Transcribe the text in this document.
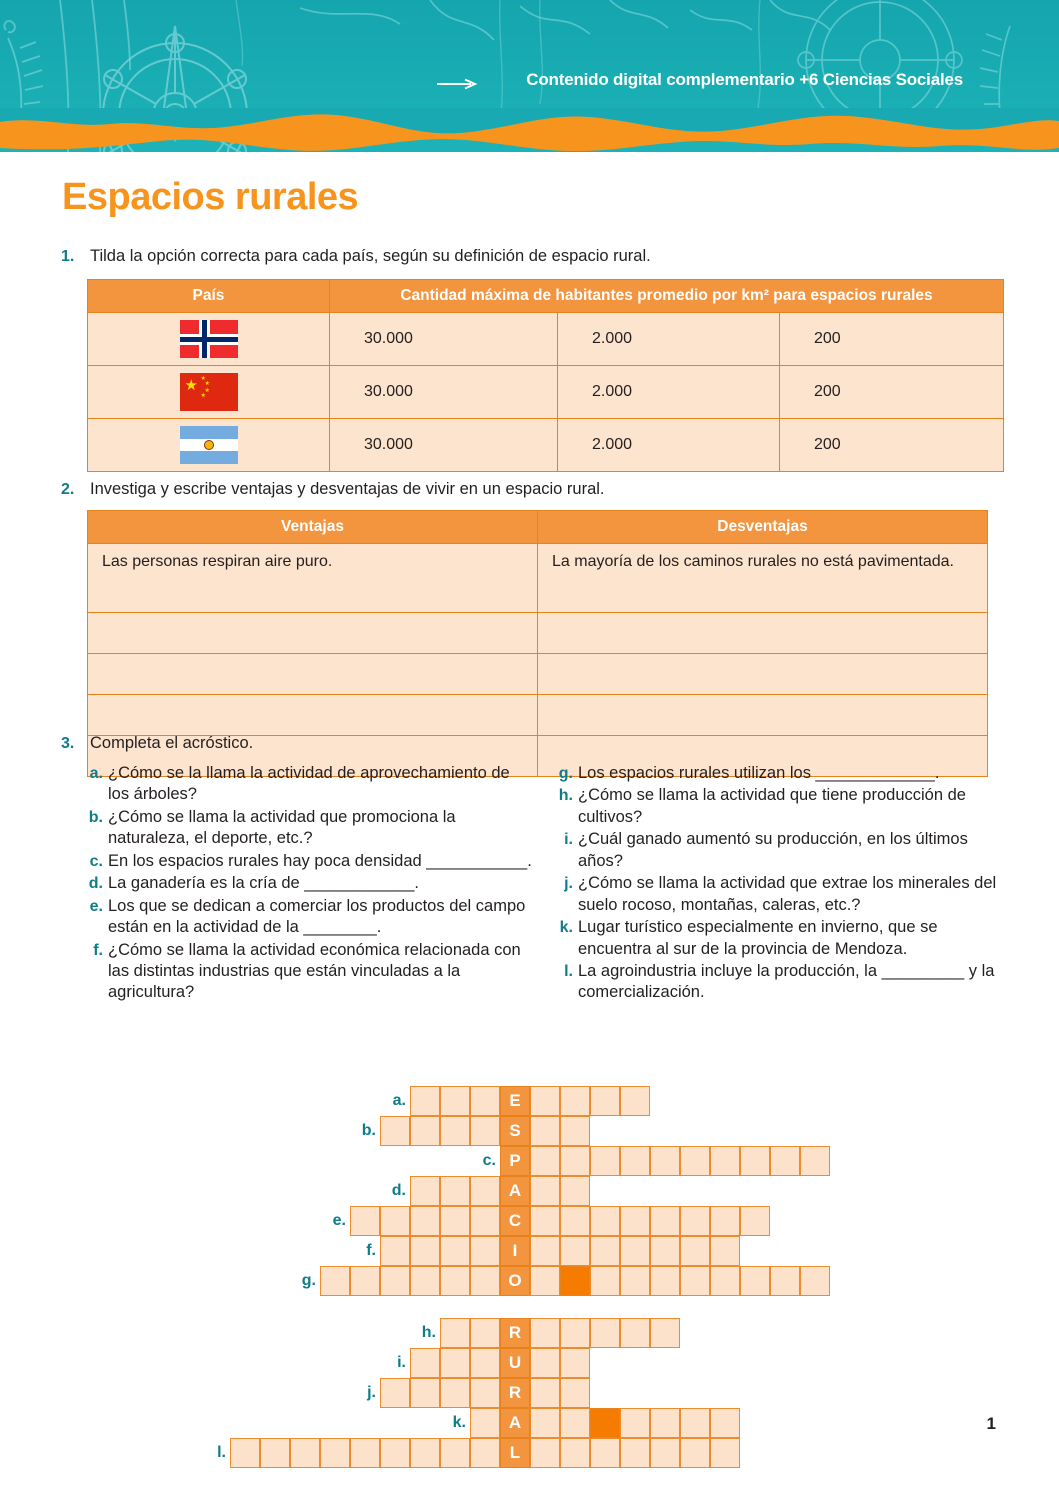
Contenido digital complementario +6 Ciencias Sociales
Espacios rurales
1. Tilda la opción correcta para cada país, según su definición de espacio rural.
País	Cantidad máxima de habitantes promedio por km² para espacios rurales		

	30.000	2.000	200

★ ★
★
★
★	30.000	2.000	200

	30.000	2.000	200
2. Investiga y escribe ventajas y desventajas de vivir en un espacio rural.
Ventajas	Desventajas
Las personas respiran aire puro.	La mayoría de los caminos rurales no está pavimentada.

3. Completa el acróstico.
a. ¿Cómo se la llama la actividad de aprovechamiento de los árboles?
b. ¿Cómo se llama la actividad que promociona la naturaleza, el deporte, etc.?
c. En los espacios rurales hay poca densidad ___________.
d. La ganadería es la cría de ____________.
e. Los que se dedican a comerciar los productos del campo están en la actividad de la ________.
f. ¿Cómo se llama la actividad económica relacionada con las distintas industrias que están vinculadas a la agricultura?
g. Los espacios rurales utilizan los _____________.
h. ¿Cómo se llama la actividad que tiene producción de cultivos?
i. ¿Cuál ganado aumentó su producción, en los últimos años?
j. ¿Cómo se llama la actividad que extrae los minerales del suelo rocoso, montañas, caleras, etc.?
k. Lugar turístico especialmente en invierno, que se encuentra al sur de la provincia de Mendoza.
l. La agroindustria incluye la producción, la _________ y la comercialización.
a.	E
b.	S
c. P
d.	A
e.	C
f.	I
g.	O
h.	R
i.	U
j.	R
k.	A
l.	L
1
